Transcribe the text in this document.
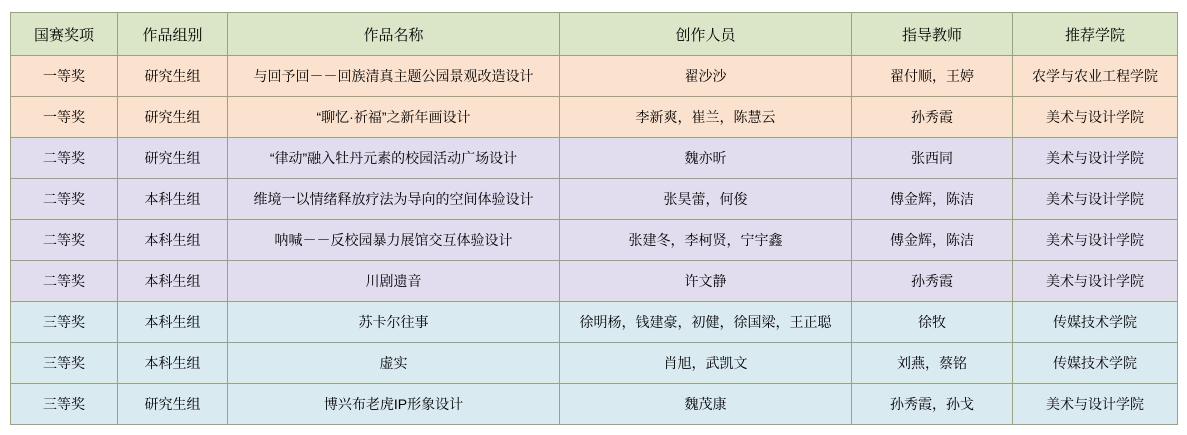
国赛奖项	作品组别	作品名称	创作人员	指导教师	推荐学院
一等奖	研究生组	与回予回－－回族清真主题公园景观改造设计	翟沙沙	翟付顺，王婷	农学与农业工程学院
一等奖	研究生组	“聊忆·祈福”之新年画设计	李新爽，崔兰，陈慧云	孙秀霞	美术与设计学院
二等奖	研究生组	“律动”融入牡丹元素的校园活动广场设计	魏亦昕	张西同	美术与设计学院
二等奖	本科生组	维境一以情绪释放疗法为导向的空间体验设计	张昊蕾，何俊	傅金辉，陈洁	美术与设计学院
二等奖	本科生组	呐喊－－反校园暴力展馆交互体验设计	张建冬，李柯贤，宁宇鑫	傅金辉，陈洁	美术与设计学院
二等奖	本科生组	川剧遗音	许文静	孙秀霞	美术与设计学院
三等奖	本科生组	苏卡尔往事	徐明杨，钱建豪，初健，徐国梁，王正聪	徐牧	传媒技术学院
三等奖	本科生组	虚实	肖旭，武凯文	刘燕，蔡铭	传媒技术学院
三等奖	研究生组	博兴布老虎IP形象设计	魏茂康	孙秀霞，孙戈	美术与设计学院
